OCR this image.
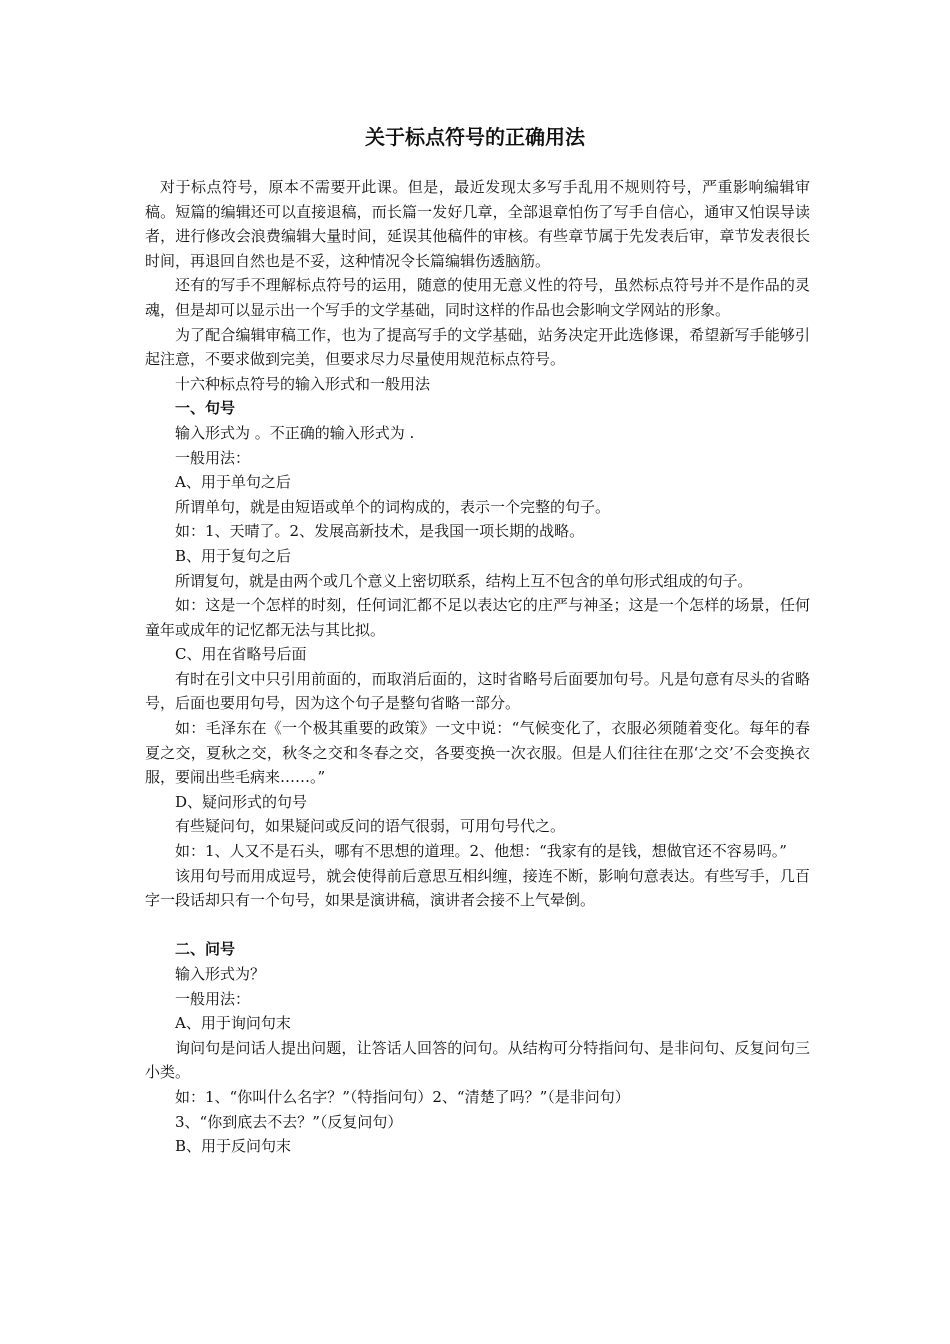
关于标点符号的正确用法

对于标点符号，原本不需要开此课。但是，最近发现太多写手乱用不规则符号，严重影响编辑审稿。短篇的编辑还可以直接退稿，而长篇一发好几章，全部退章怕伤了写手自信心，通审又怕误导读者，进行修改会浪费编辑大量时间，延误其他稿件的审核。有些章节属于先发表后审，章节发表很长时间，再退回自然也是不妥，这种情况令长篇编辑伤透脑筋。

还有的写手不理解标点符号的运用，随意的使用无意义性的符号，虽然标点符号并不是作品的灵魂，但是却可以显示出一个写手的文学基础，同时这样的作品也会影响文学网站的形象。

为了配合编辑审稿工作，也为了提高写手的文学基础，站务决定开此选修课，希望新写手能够引起注意，不要求做到完美，但要求尽力尽量使用规范标点符号。

十六种标点符号的输入形式和一般用法

一、句号

输入形式为 。不正确的输入形式为 .

一般用法：

A、用于单句之后

所谓单句，就是由短语或单个的词构成的，表示一个完整的句子。

如：1、天晴了。2、发展高新技术，是我国一项长期的战略。

B、用于复句之后

所谓复句，就是由两个或几个意义上密切联系，结构上互不包含的单句形式组成的句子。

如：这是一个怎样的时刻，任何词汇都不足以表达它的庄严与神圣；这是一个怎样的场景，任何童年或成年的记忆都无法与其比拟。

C、用在省略号后面

有时在引文中只引用前面的，而取消后面的，这时省略号后面要加句号。凡是句意有尽头的省略号，后面也要用句号，因为这个句子是整句省略一部分。

如：毛泽东在《一个极其重要的政策》一文中说：“气候变化了，衣服必须随着变化。每年的春夏之交，夏秋之交，秋冬之交和冬春之交，各要变换一次衣服。但是人们往往在那‘之交’不会变换衣服，要闹出些毛病来……。”

D、疑问形式的句号

有些疑问句，如果疑问或反问的语气很弱，可用句号代之。

如：1、人又不是石头，哪有不思想的道理。2、他想：“我家有的是钱，想做官还不容易吗。”

该用句号而用成逗号，就会使得前后意思互相纠缠，接连不断，影响句意表达。有些写手，几百字一段话却只有一个句号，如果是演讲稿，演讲者会接不上气晕倒。

二、问号

输入形式为？

一般用法：

A、用于询问句末

询问句是问话人提出问题，让答话人回答的问句。从结构可分特指问句、是非问句、反复问句三小类。

如：1、“你叫什么名字？”（特指问句）2、“清楚了吗？”（是非问句）

3、“你到底去不去？”（反复问句）

B、用于反问句末
